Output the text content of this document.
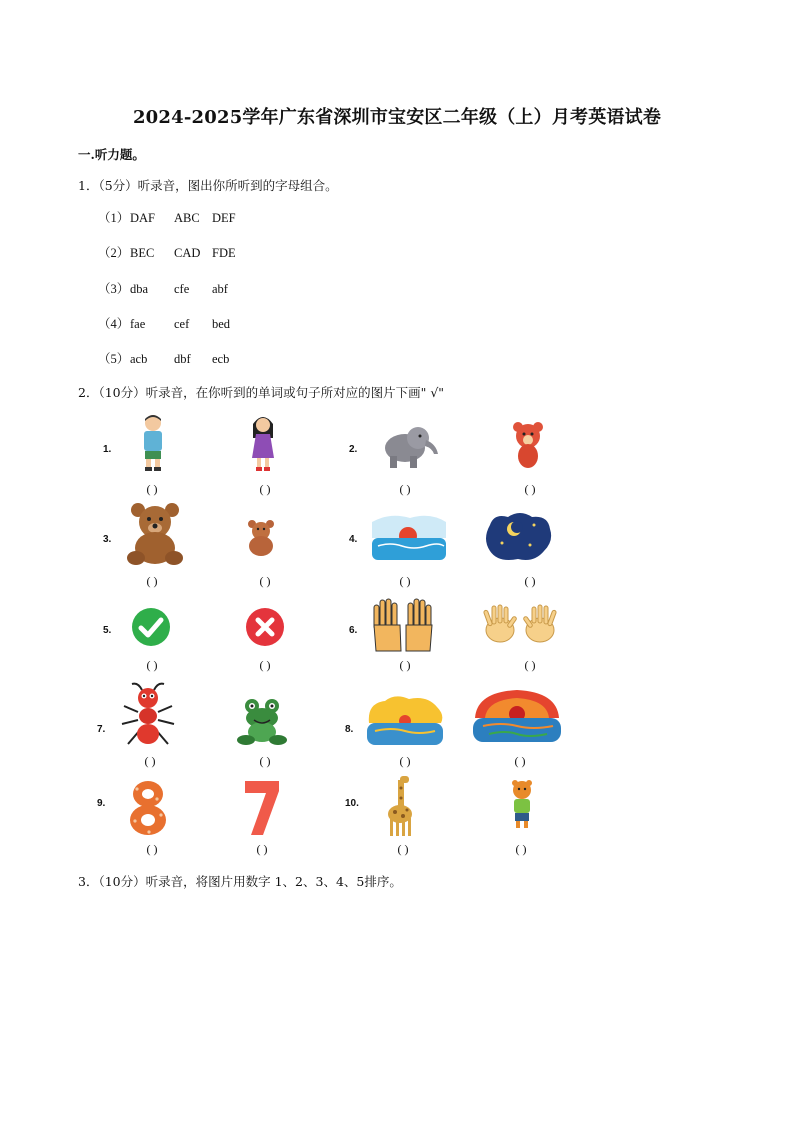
2024-2025学年广东省深圳市宝安区二年级（上）月考英语试卷
一.听力题。
1．（5分）听录音，图出你所听到的字母组合。
（1）DAF ABC DEF
（2）BEC CAD FDE
（3）dba cfe abf
（4）fae cef bed
（5）acb dbf ecb
2．（10分）听录音，在你听到的单词或句子所对应的图片下画" √"
1.	2.
( )	( )	( )	( )
3.	4.
( )	( )	( )	( )
5.	6.
( )	( )	( )	( )
7.	8.
( )	( )	( )	( )
9.	10.
( )	( )	( )	( )
3．（10分）听录音，将图片用数字 1、2、3、4、5排序。
